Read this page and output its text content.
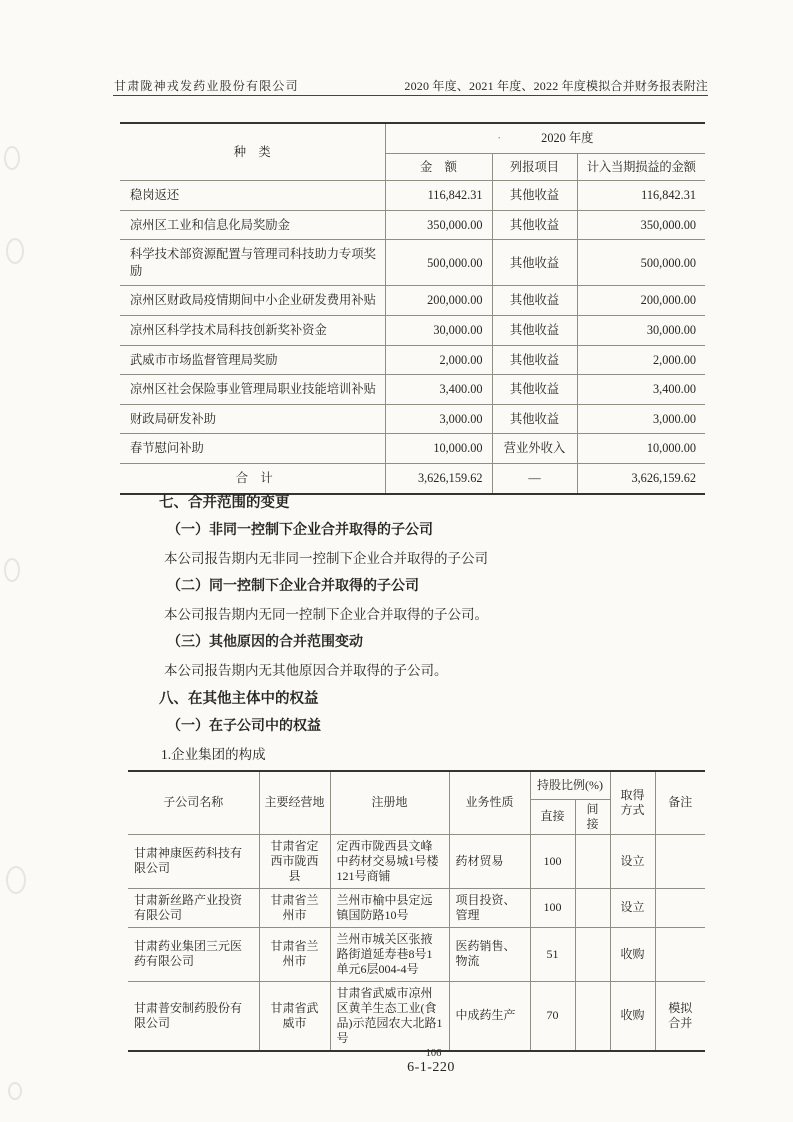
甘肃陇神戎发药业股份有限公司	2020 年度、2021 年度、2022 年度模拟合并财务报表附注
种　类	· 2020 年度		
	金　额	列报项目	计入当期损益的金额
稳岗返还	116,842.31	其他收益	116,842.31
凉州区工业和信息化局奖励金	350,000.00	其他收益	350,000.00
科学技术部资源配置与管理司科技助力专项奖励	500,000.00	其他收益	500,000.00
凉州区财政局疫情期间中小企业研发费用补贴	200,000.00	其他收益	200,000.00
凉州区科学技术局科技创新奖补资金	30,000.00	其他收益	30,000.00
武威市市场监督管理局奖励	2,000.00	其他收益	2,000.00
凉州区社会保险事业管理局职业技能培训补贴	3,400.00	其他收益	3,400.00
财政局研发补助	3,000.00	其他收益	3,000.00
春节慰问补助	10,000.00	营业外收入	10,000.00
合　计	3,626,159.62	—	3,626,159.62

七、合并范围的变更

（一）非同一控制下企业合并取得的子公司

本公司报告期内无非同一控制下企业合并取得的子公司

（二）同一控制下企业合并取得的子公司

本公司报告期内无同一控制下企业合并取得的子公司。

（三）其他原因的合并范围变动

本公司报告期内无其他原因合并取得的子公司。

八、在其他主体中的权益

（一）在子公司中的权益

1.企业集团的构成

子公司名称	主要经营地	注册地	业务性质	持股比例(%)		取得方式	备注
				直接	间接		
甘肃神康医药科技有限公司	甘肃省定西市陇西县	定西市陇西县文峰中药材交易城1号楼121号商铺	药材贸易	100		设立	
甘肃新丝路产业投资有限公司	甘肃省兰州市	兰州市榆中县定远镇国防路10号	项目投资、管理	100		设立	
甘肃药业集团三元医药有限公司	甘肃省兰州市	兰州市城关区张掖路街道延寿巷8号1单元6层004-4号	医药销售、物流	51		收购	
甘肃普安制药股份有限公司	甘肃省武威市	甘肃省武威市凉州区黄羊生态工业(食品)示范园农大北路1号	中成药生产	70		收购	模拟合并
106
6-1-220
